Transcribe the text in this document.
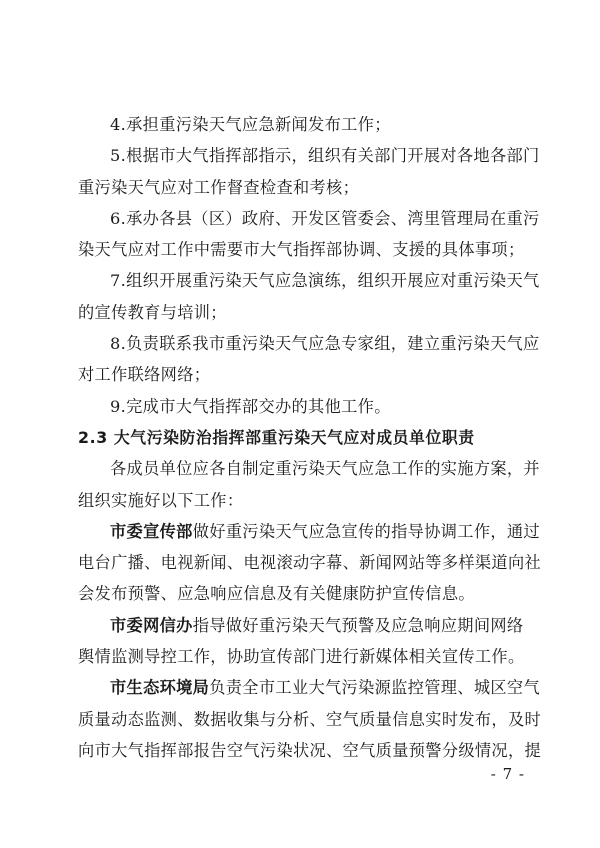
4.承担重污染天气应急新闻发布工作；
5.根据市大气指挥部指示，组织有关部门开展对各地各部门
重污染天气应对工作督查检查和考核；
6.承办各县（区）政府、开发区管委会、湾里管理局在重污
染天气应对工作中需要市大气指挥部协调、支援的具体事项；
7.组织开展重污染天气应急演练，组织开展应对重污染天气
的宣传教育与培训；
8.负责联系我市重污染天气应急专家组，建立重污染天气应
对工作联络网络；
9.完成市大气指挥部交办的其他工作。
2.3 大气污染防治指挥部重污染天气应对成员单位职责
各成员单位应各自制定重污染天气应急工作的实施方案，并
组织实施好以下工作：
市委宣传部做好重污染天气应急宣传的指导协调工作，通过
电台广播、电视新闻、电视滚动字幕、新闻网站等多样渠道向社
会发布预警、应急响应信息及有关健康防护宣传信息。
市委网信办指导做好重污染天气预警及应急响应期间网络
舆情监测导控工作，协助宣传部门进行新媒体相关宣传工作。
市生态环境局负责全市工业大气污染源监控管理、城区空气
质量动态监测、数据收集与分析、空气质量信息实时发布，及时
向市大气指挥部报告空气污染状况、空气质量预警分级情况，提
- 7 -
